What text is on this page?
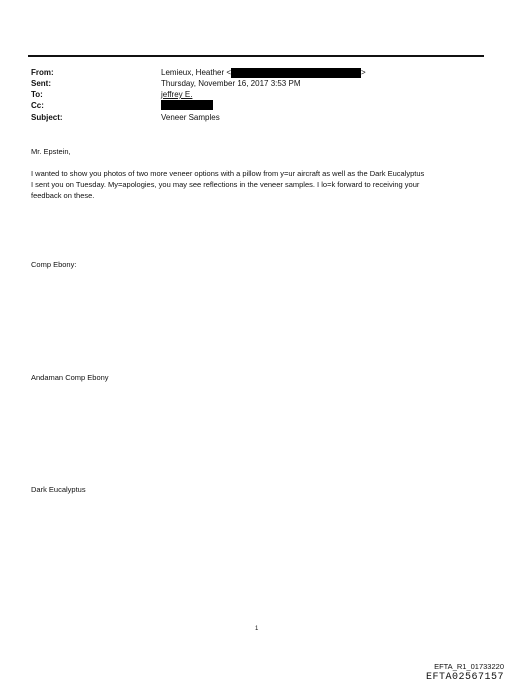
From:	Lemieux, Heather <	>
Sent:	Thursday, November 16, 2017 3:53 PM
To:	jeffrey E.
Cc:
Subject:	Veneer Samples
Mr. Epstein,
I wanted to show you photos of two more veneer options with a pillow from y=ur aircraft as well as the Dark Eucalyptus
I sent you on Tuesday. My=apologies, you may see reflections in the veneer samples. I lo=k forward to receiving your
feedback on these.
Comp Ebony:
Andaman Comp Ebony
Dark Eucalyptus
1
EFTA_R1_01733220
EFTA02567157
